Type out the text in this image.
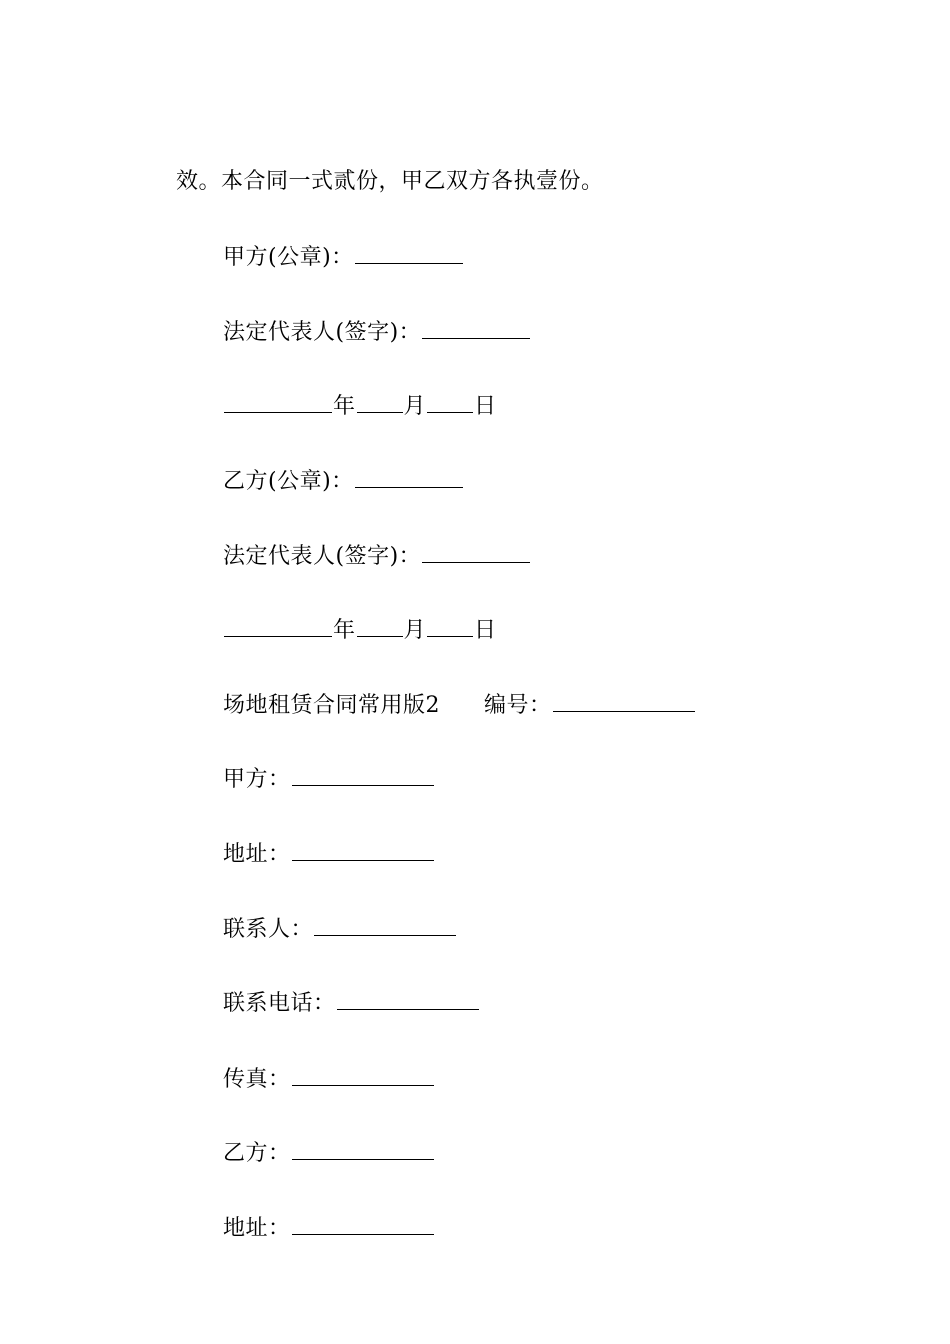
效。本合同一式贰份，甲乙双方各执壹份。

甲方(公章)：

法定代表人(签字)：

年 月 日

乙方(公章)：

法定代表人(签字)：

年 月 日

场地租赁合同常用版2 编号：

甲方：

地址：

联系人：

联系电话：

传真：

乙方：

地址：
